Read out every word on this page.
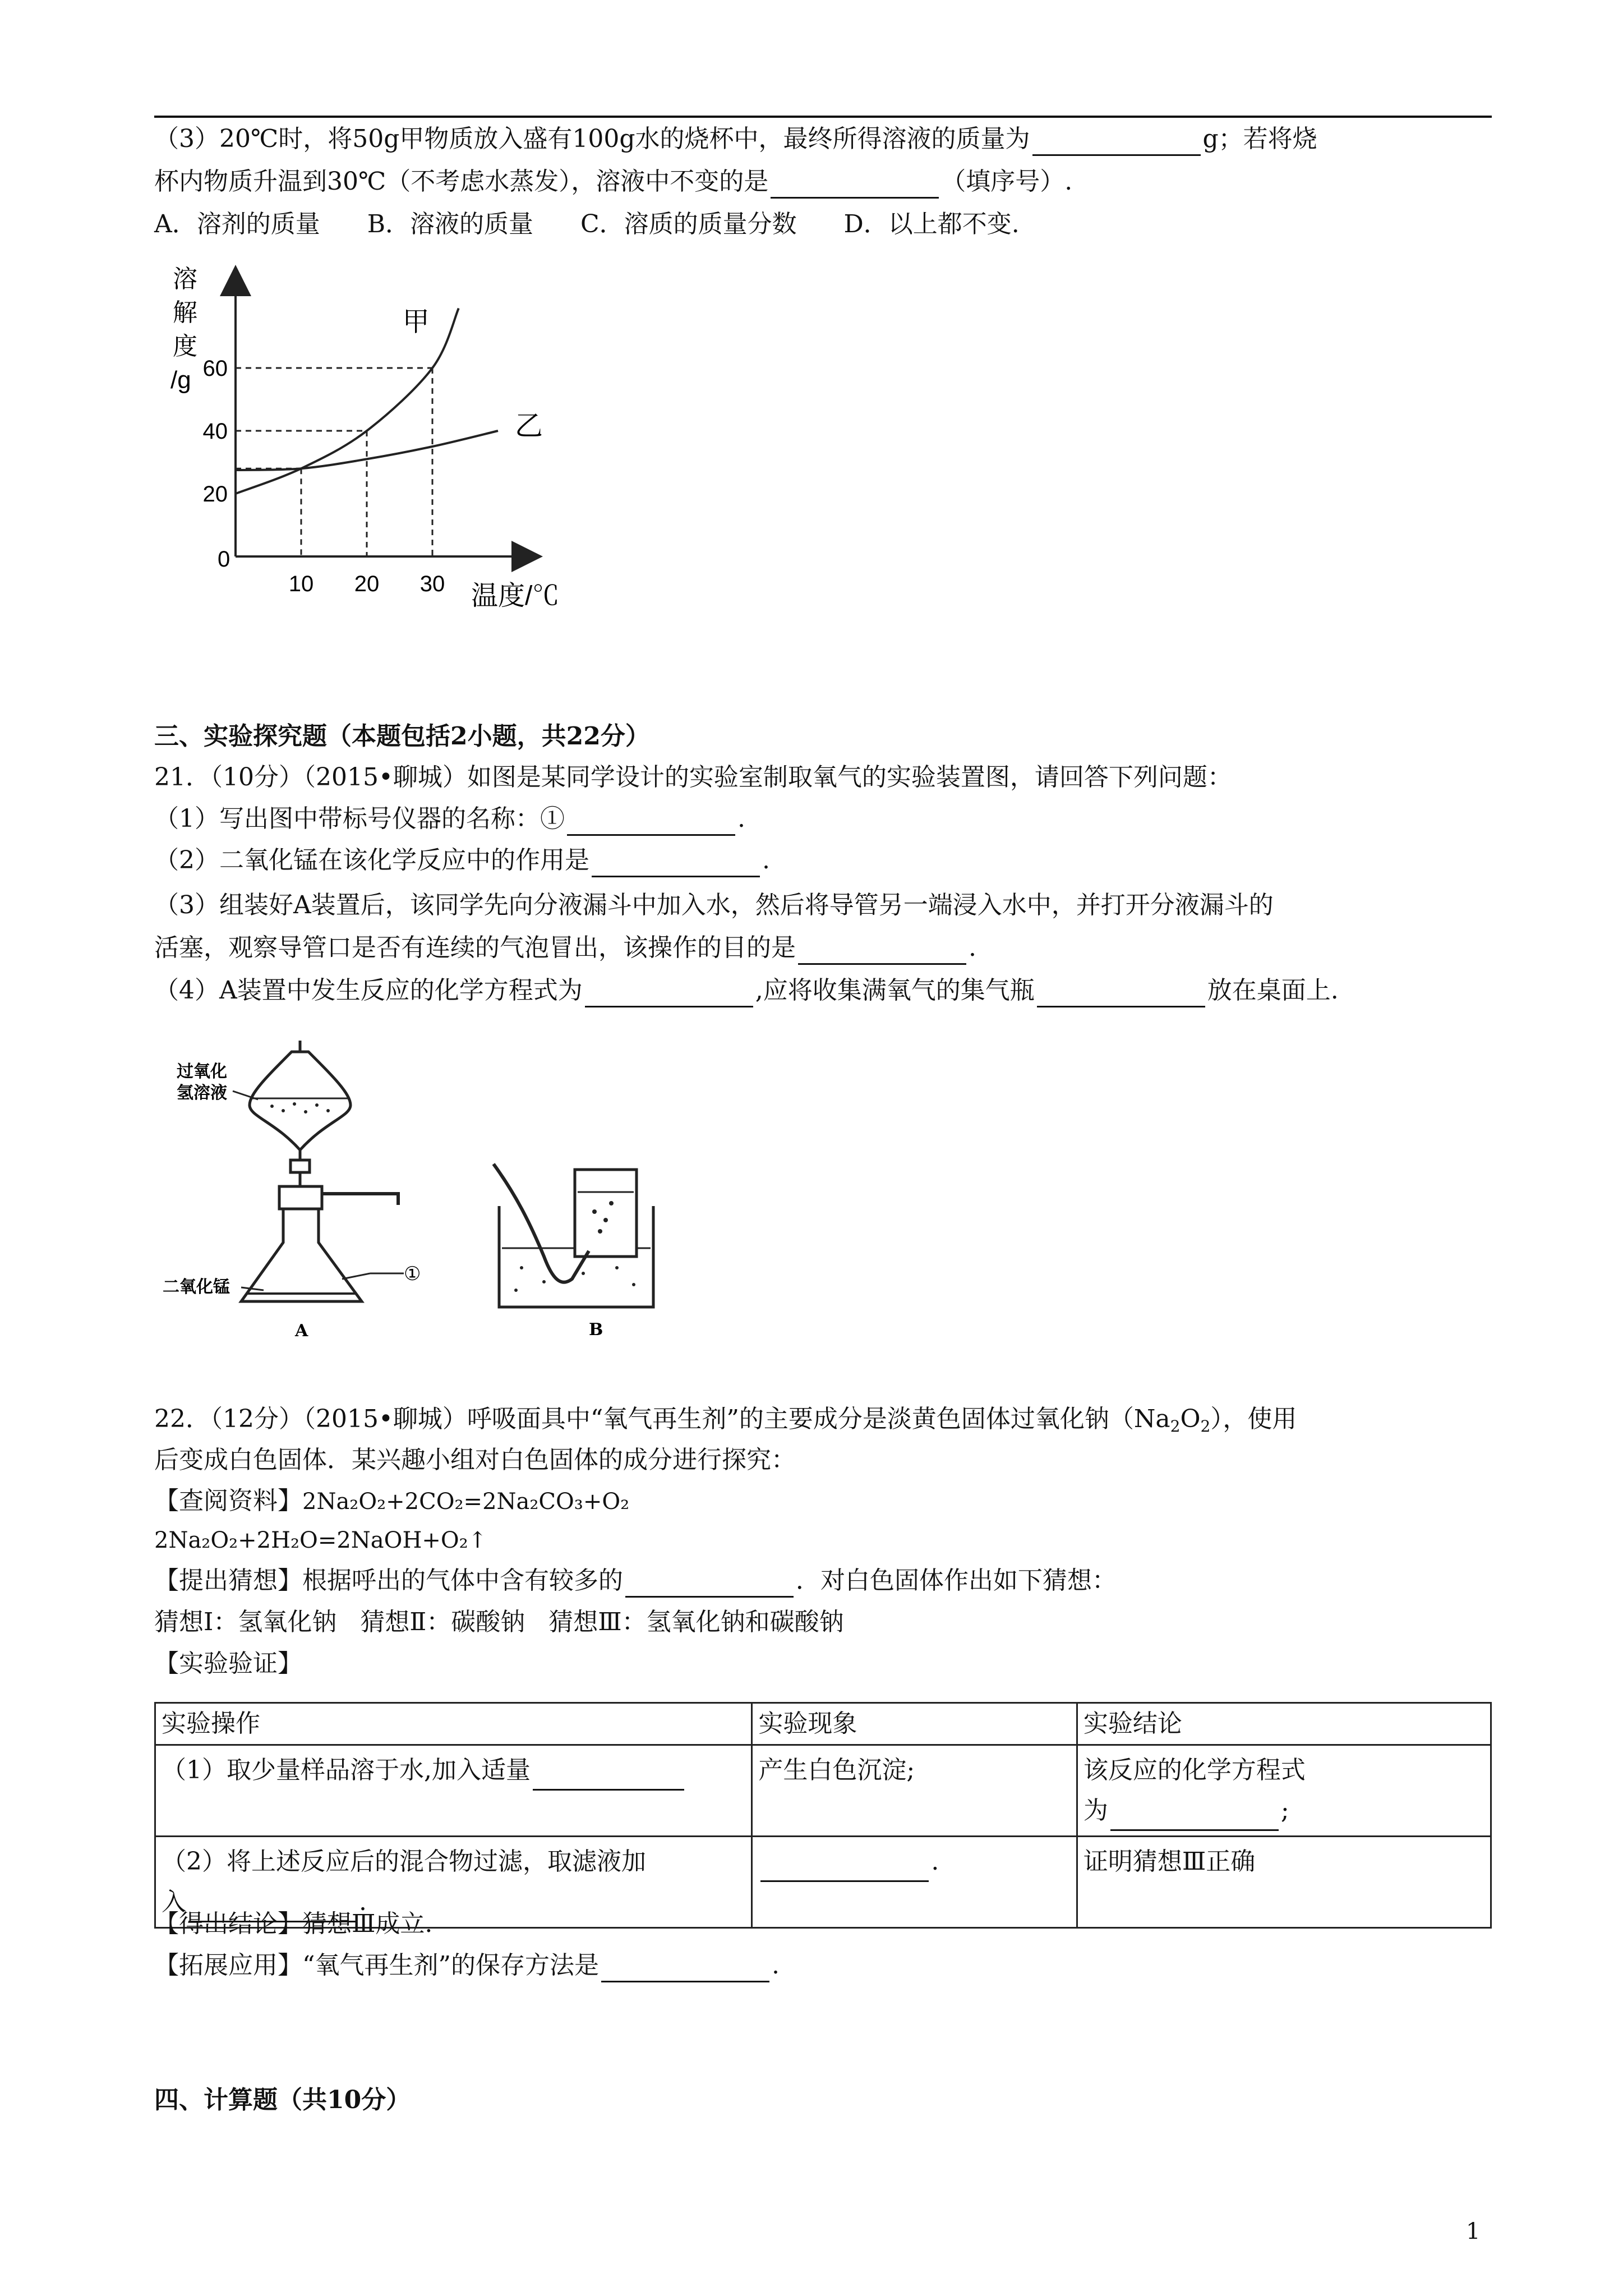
（3）20℃时，将50g甲物质放入盛有100g水的烧杯中，最终所得溶液的质量为	g；若将烧
杯内物质升温到30℃（不考虑水蒸发），溶液中不变的是	（填序号）.
A．溶剂的质量      B．溶液的质量      C．溶质的质量分数      D．以上都不变.
溶
解
度
/g
0
温度/℃
10 20 30
20
40
60
甲
乙
三、实验探究题（本题包括2小题，共22分）
21．（10分）（2015•聊城）如图是某同学设计的实验室制取氧气的实验装置图，请回答下列问题：
（1）写出图中带标号仪器的名称：①	.
（2）二氧化锰在该化学反应中的作用是	.
（3）组装好A装置后，该同学先向分液漏斗中加入水，然后将导管另一端浸入水中，并打开分液漏斗的
活塞，观察导管口是否有连续的气泡冒出，该操作的目的是	.
（4）A装置中发生反应的化学方程式为	,应将收集满氧气的集气瓶	放在桌面上.
过氧化
氢溶液
二氧化锰
①
A	B
22．（12分）（2015•聊城）呼吸面具中“氧气再生剂”的主要成分是淡黄色固体过氧化钠$(Na_2O_2)$，使用
后变成白色固体．某兴趣小组对白色固体的成分进行探究：
【查阅资料】2Na₂O₂+2CO₂=2Na₂CO₃+O₂
2Na₂O₂+2H₂O=2NaOH+O₂↑
【提出猜想】根据呼出的气体中含有较多的	．对白色固体作出如下猜想：
猜想Ⅰ：氢氧化钠   猜想Ⅱ：碳酸钠   猜想Ⅲ：氢氧化钠和碳酸钠
【实验验证】
实验操作	实验现象	实验结论
（1）取少量样品溶于水,加入适量	产生白色沉淀;	该反应的化学方程式
为 ;

（2）将上述反应后的混合物过滤，取滤液加
入 .	.	证明猜想Ⅲ正确
【得出结论】猜想Ⅲ成立.
【拓展应用】“氧气再生剂”的保存方法是	.
四、计算题（共10分）
1
